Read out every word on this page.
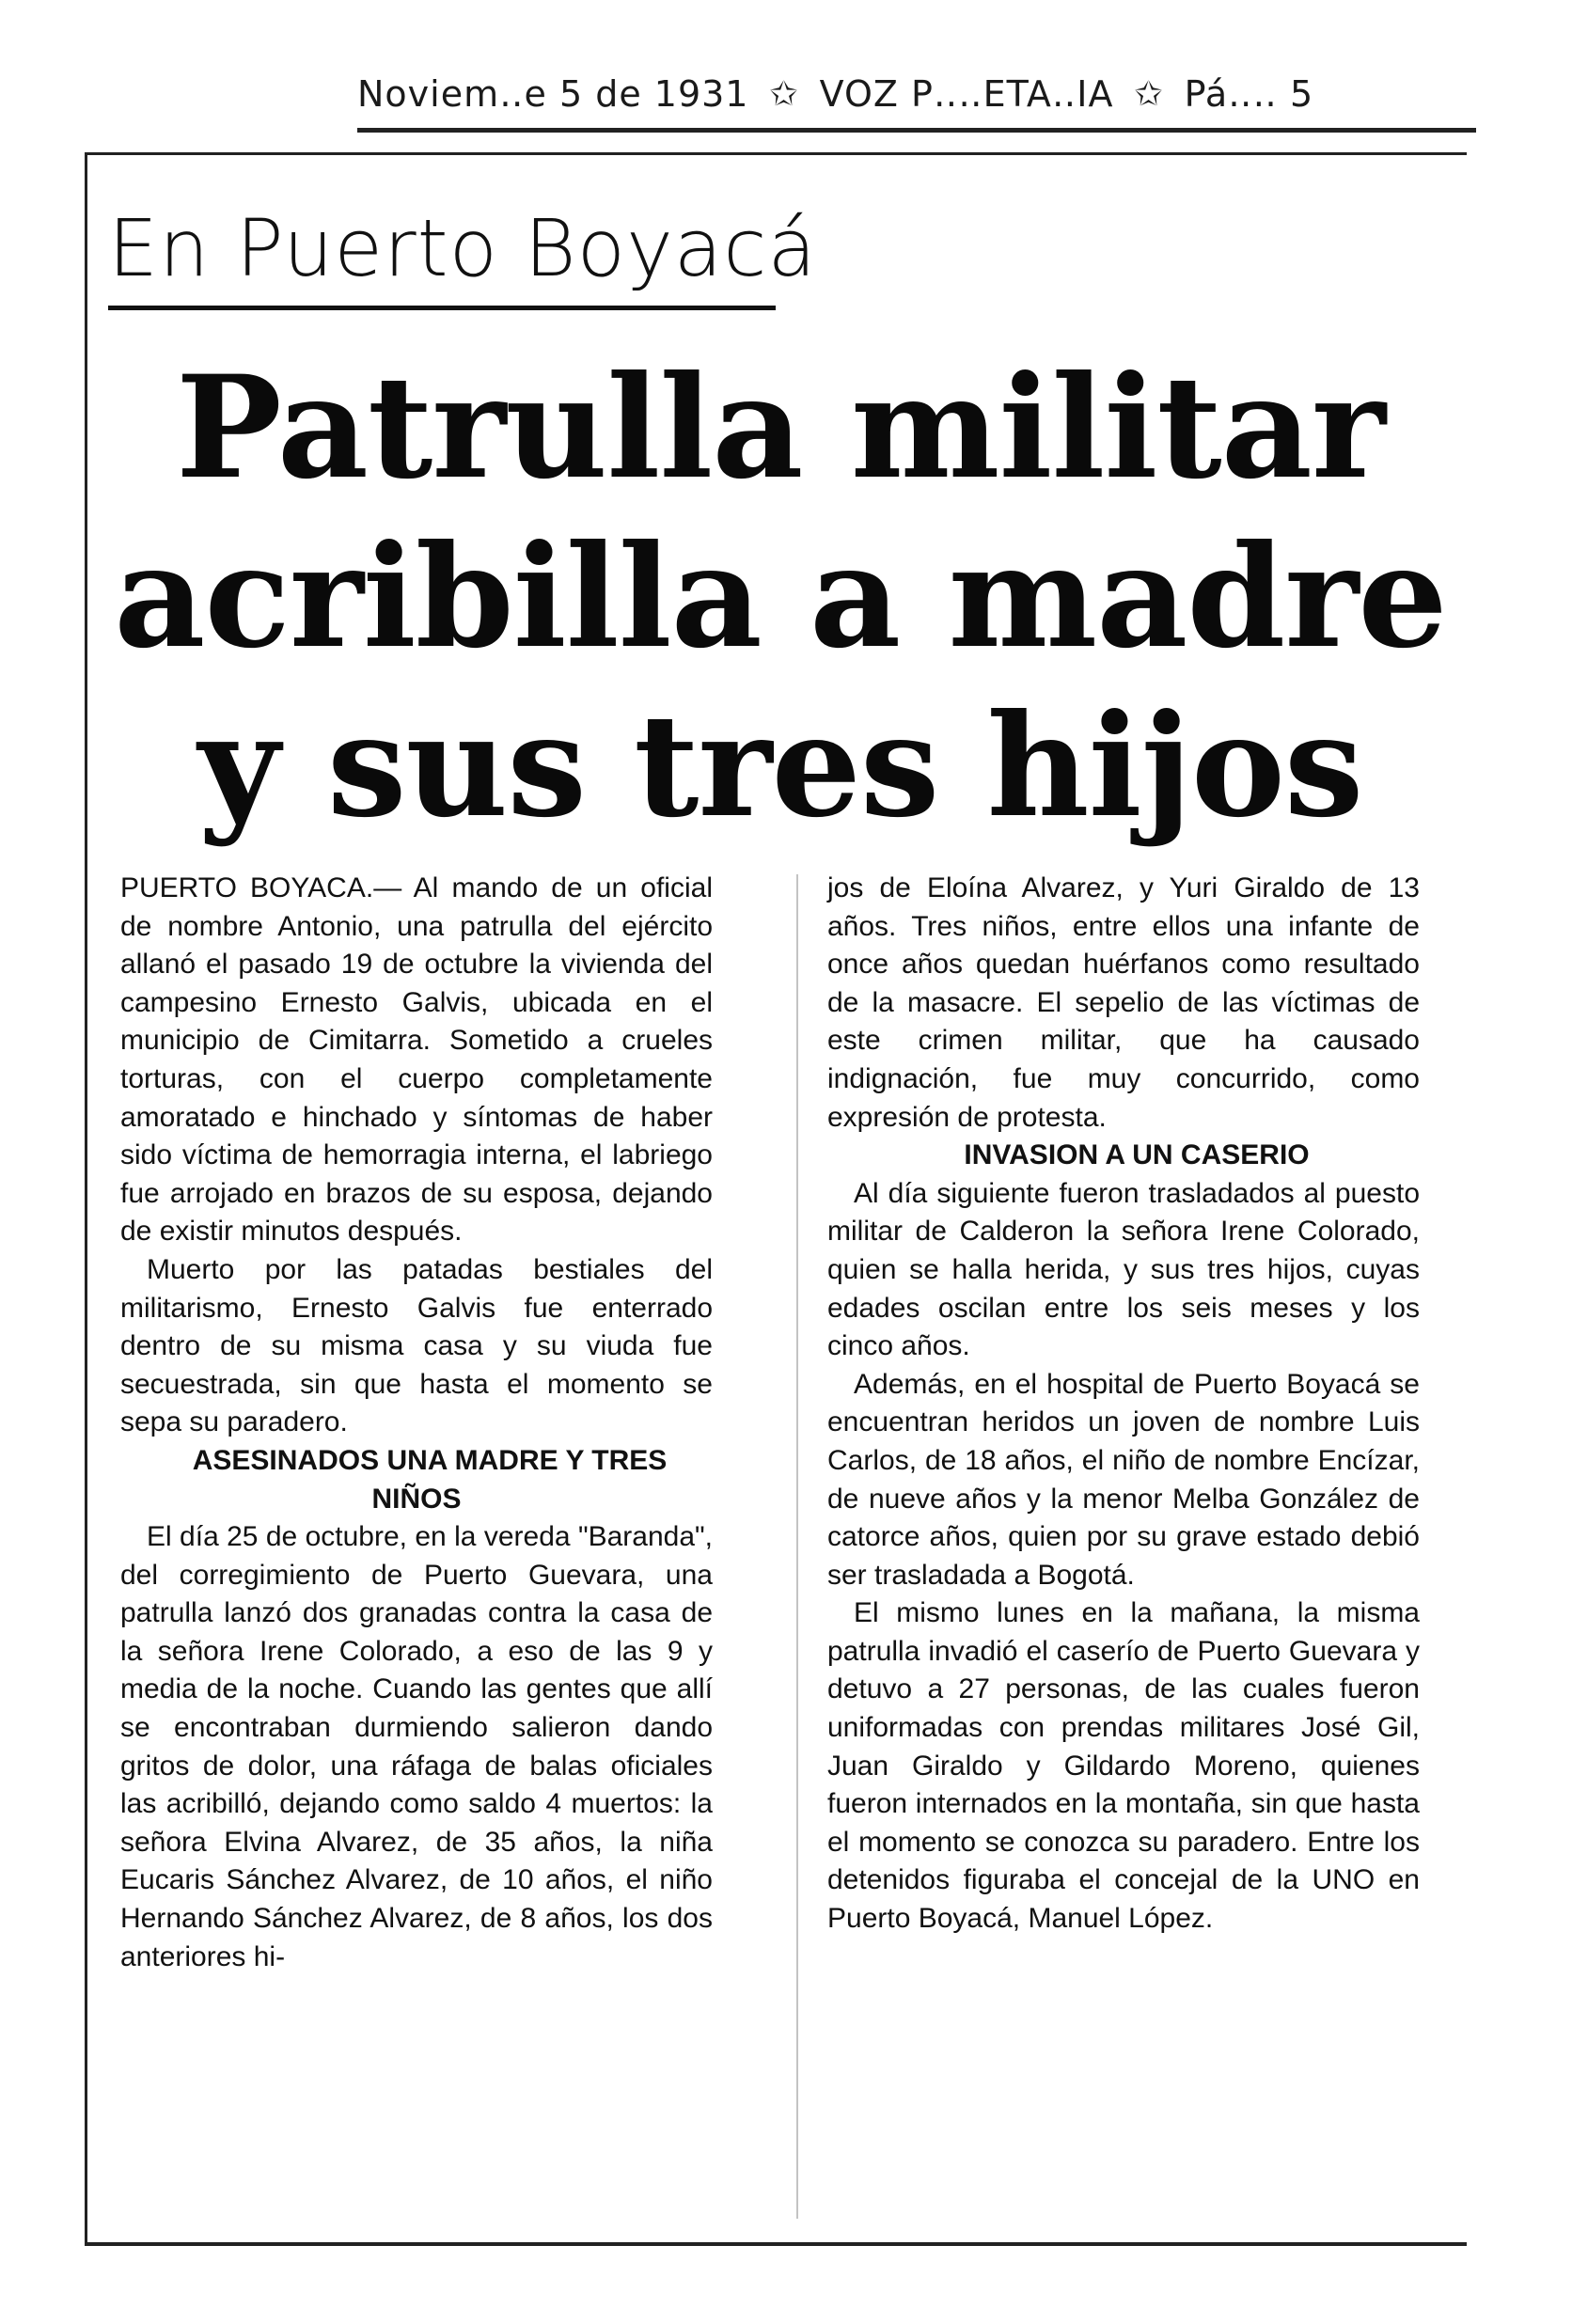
Noviem‥e 5 de 1931 ✩ VOZ P‥‥ETA‥IA ✩ Pá‥‥ 5
En Puerto Boyacá
Patrulla militar
acribilla a madre
y sus tres hijos

PUERTO BOYACA.— Al mando de un oficial de nombre Antonio, una patrulla del ejército allanó el pasado 19 de octubre la vivienda del campesino Ernesto Galvis, ubicada en el municipio de Cimitarra. Sometido a crueles torturas, con el cuerpo completamente amoratado e hinchado y síntomas de haber sido víctima de hemorragia interna, el labriego fue arrojado en brazos de su esposa, dejando de existir minutos después.

Muerto por las patadas bestiales del militarismo, Ernesto Galvis fue enterrado dentro de su misma casa y su viuda fue secuestrada, sin que hasta el momento se sepa su paradero.

ASESINADOS UNA MADRE Y TRES NIÑOS

El día 25 de octubre, en la vereda "Baranda", del corregimiento de Puerto Guevara, una patrulla lanzó dos granadas contra la casa de la señora Irene Colorado, a eso de las 9 y media de la noche. Cuando las gentes que allí se encontraban durmiendo salieron dando gritos de dolor, una ráfaga de balas oficiales las acribilló, dejando como saldo 4 muertos: la señora Elvina Alvarez, de 35 años, la niña Eucaris Sánchez Alvarez, de 10 años, el niño Hernando Sánchez Alvarez, de 8 años, los dos anteriores hi-

jos de Eloína Alvarez, y Yuri Giraldo de 13 años. Tres niños, entre ellos una infante de once años quedan huérfanos como resultado de la masacre. El sepelio de las víctimas de este crimen militar, que ha causado indignación, fue muy concurrido, como expresión de protesta.

INVASION A UN CASERIO

Al día siguiente fueron trasladados al puesto militar de Calderon la señora Irene Colorado, quien se halla herida, y sus tres hijos, cuyas edades oscilan entre los seis meses y los cinco años.

Además, en el hospital de Puerto Boyacá se encuentran heridos un joven de nombre Luis Carlos, de 18 años, el niño de nombre Encízar, de nueve años y la menor Melba González de catorce años, quien por su grave estado debió ser trasladada a Bogotá.

El mismo lunes en la mañana, la misma patrulla invadió el caserío de Puerto Guevara y detuvo a 27 personas, de las cuales fueron uniformadas con prendas militares José Gil, Juan Giraldo y Gildardo Moreno, quienes fueron internados en la montaña, sin que hasta el momento se conozca su paradero. Entre los detenidos figuraba el concejal de la UNO en Puerto Boyacá, Manuel López.
